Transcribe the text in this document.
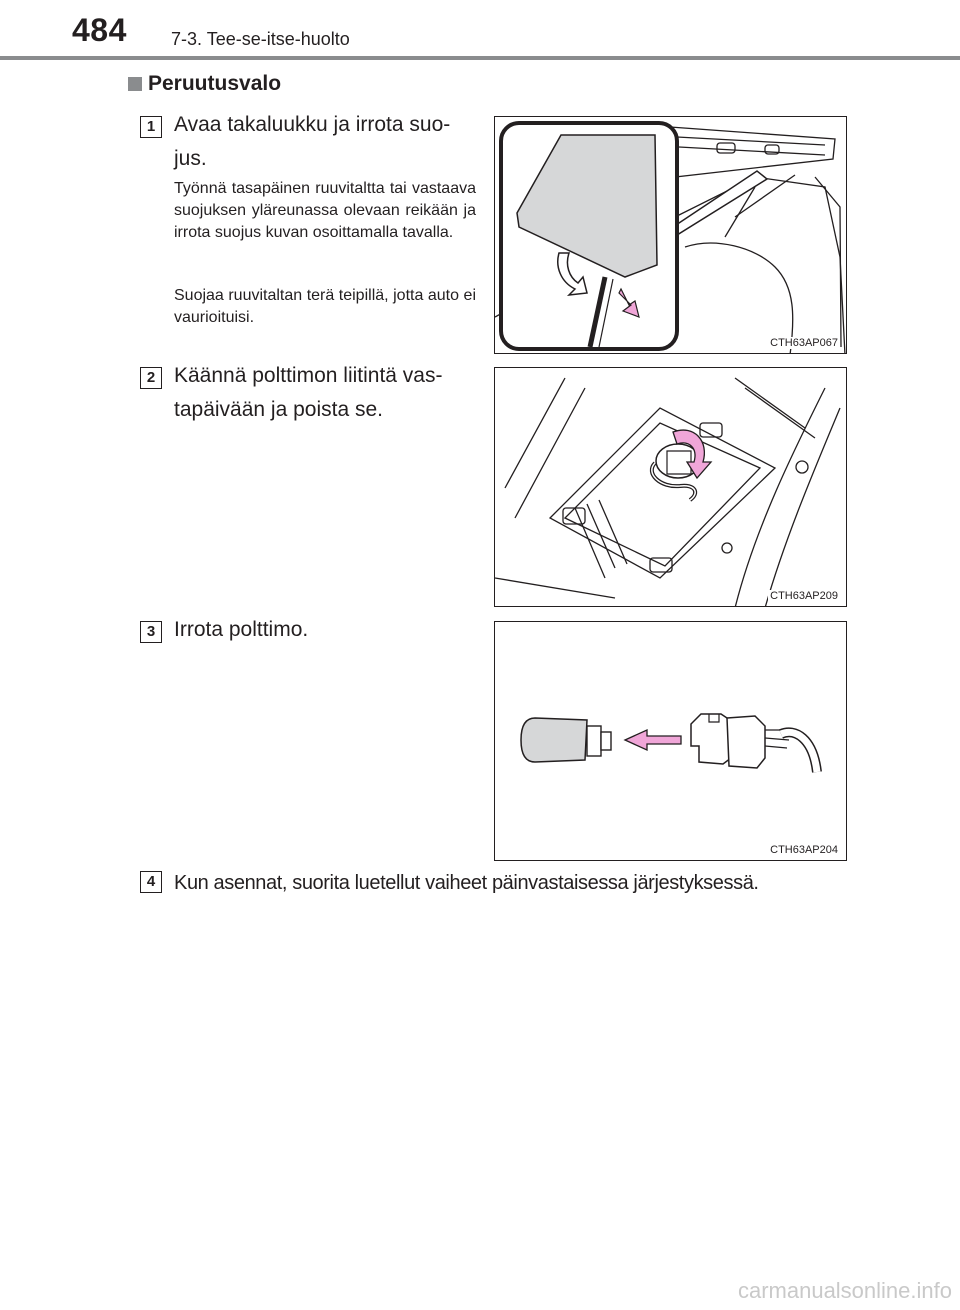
484 7-3. Tee-se-itse-huolto
Peruutusvalo
1 Avaa takaluukku ja irrota suo-
jus.
Työnnä tasapäinen ruuvitaltta tai vastaava suojuksen yläreunassa olevaan reikään ja irrota suojus kuvan osoittamalla tavalla.
Suojaa ruuvitaltan terä teipillä, jotta auto ei vaurioituisi.
CTH63AP067
2 Käännä polttimon liitintä vas-
tapäivään ja poista se.
CTH63AP209
3 Irrota polttimo.
CTH63AP204
4 Kun asennat, suorita luetellut vaiheet päinvastaisessa järjestyksessä.
carmanualsonline.info
